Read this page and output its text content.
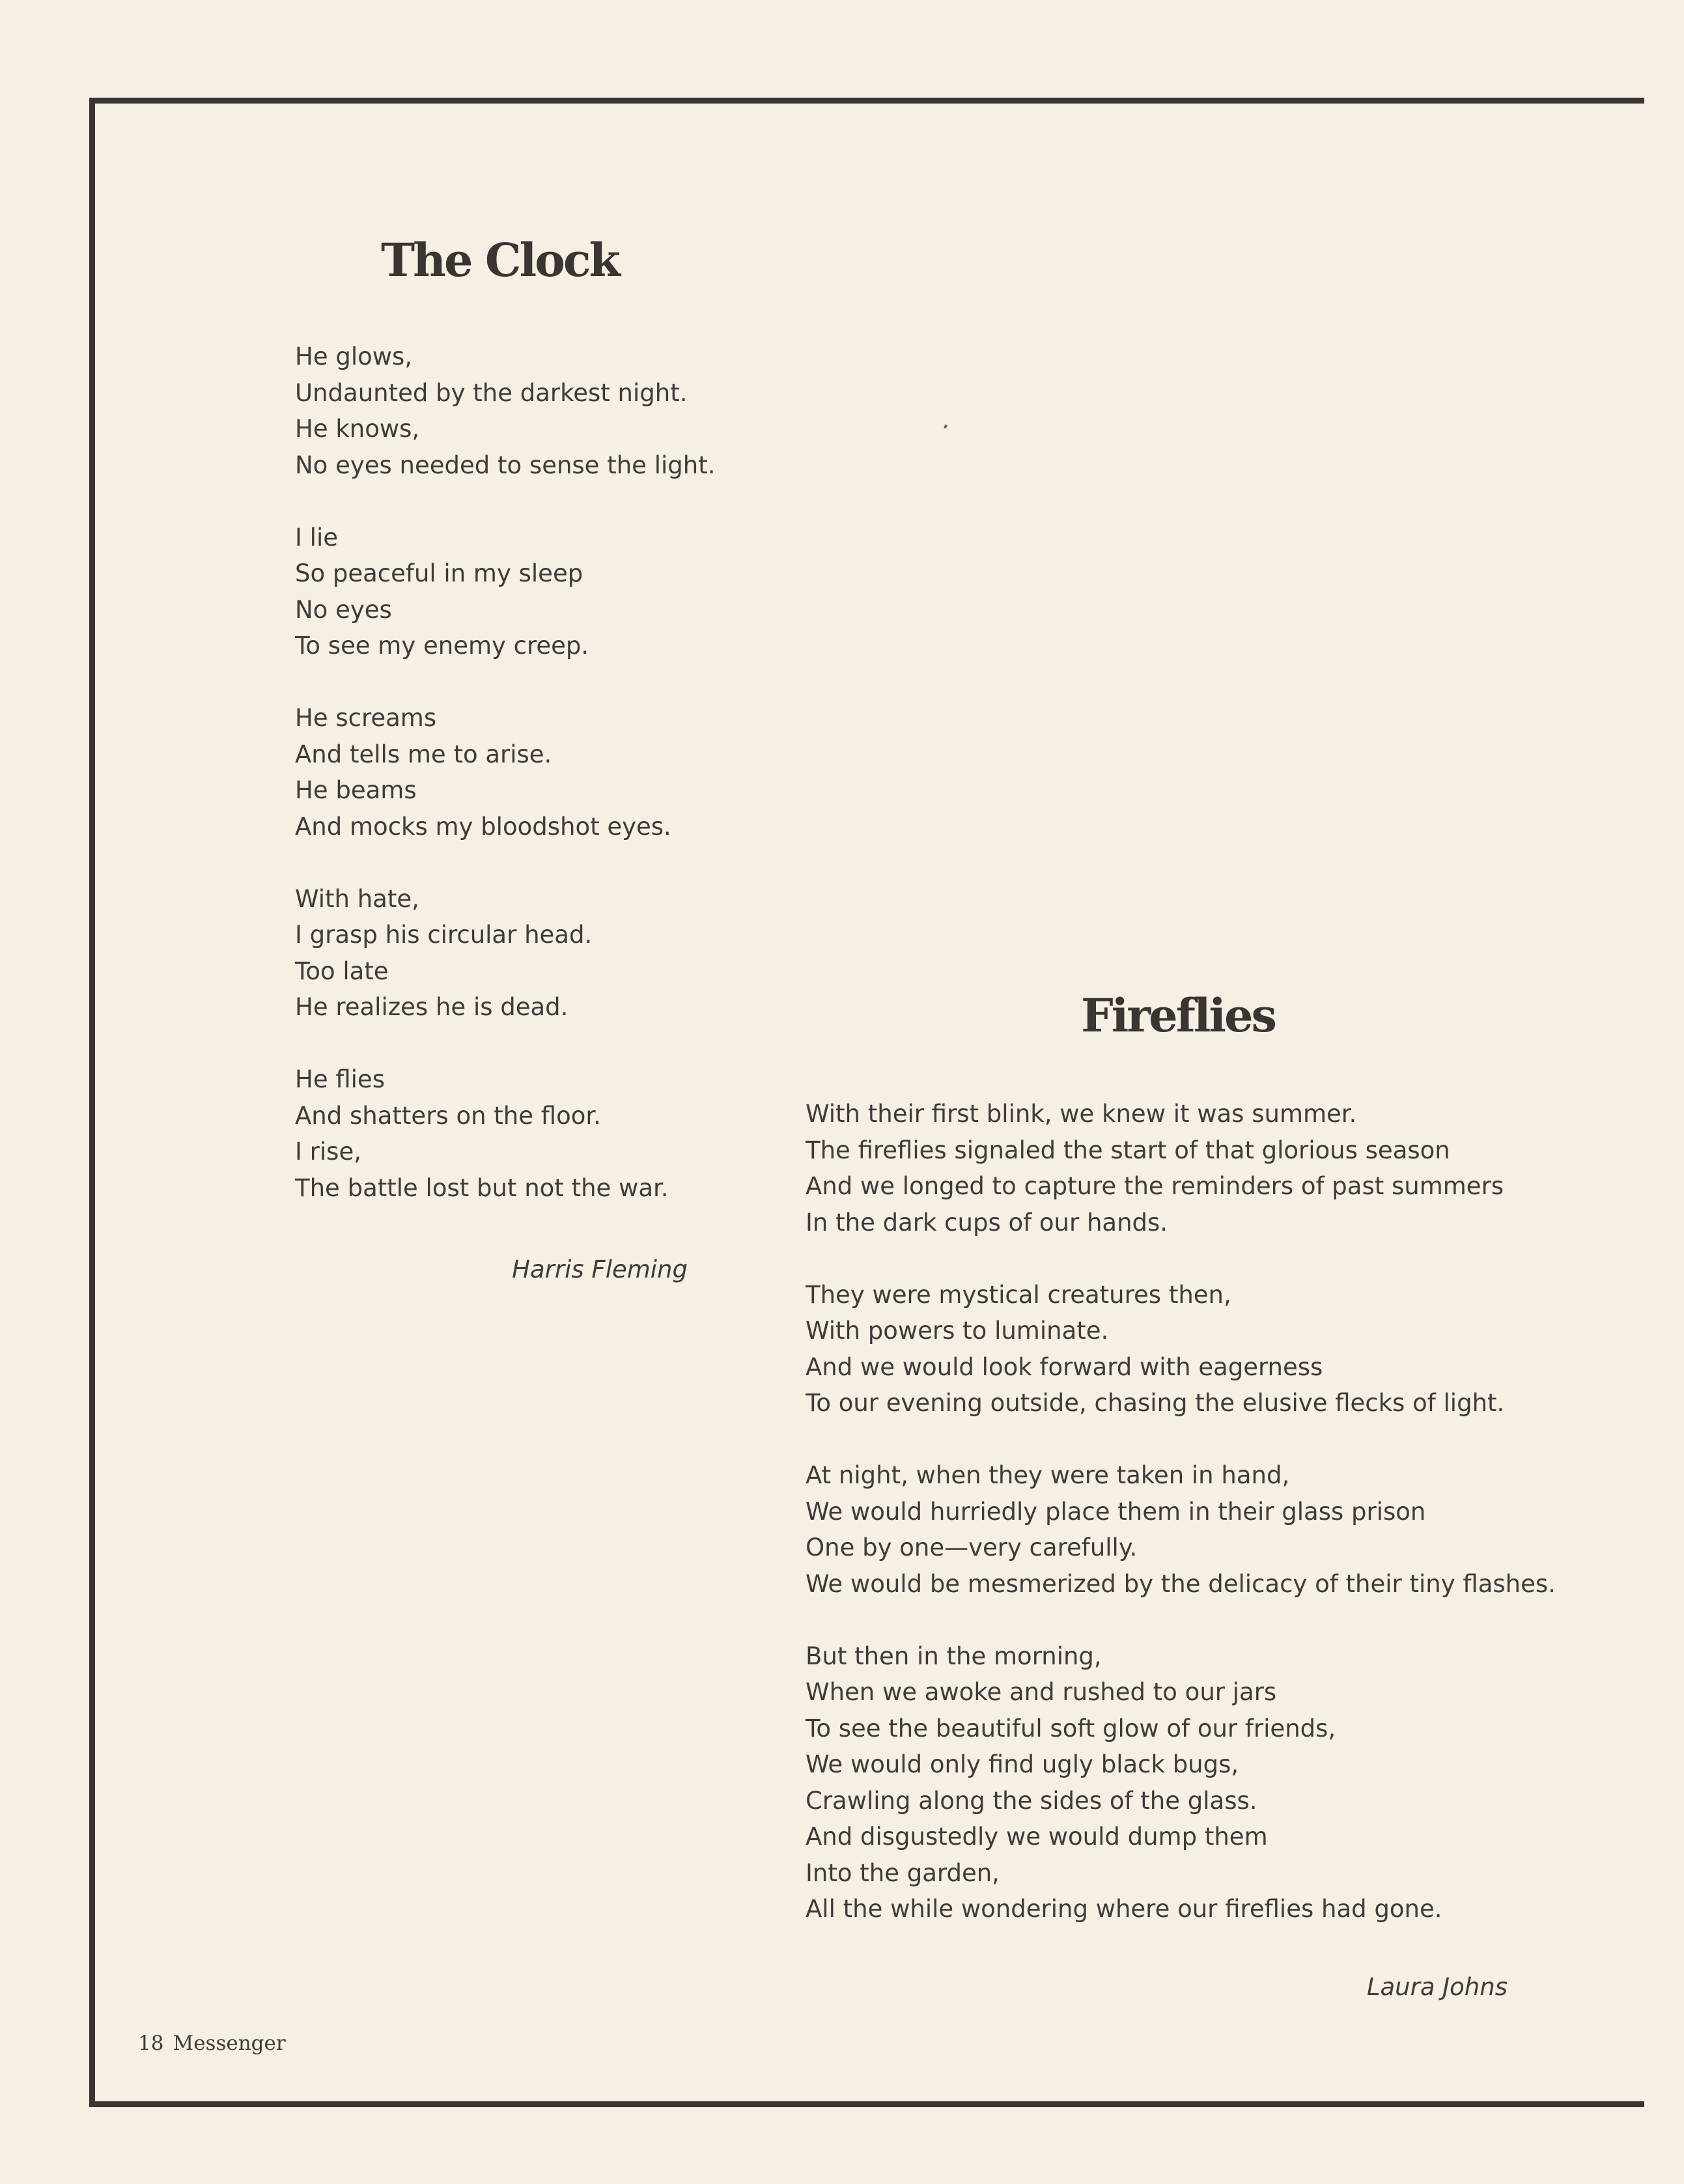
The Clock
He glows,
Undaunted by the darkest night.
He knows,
No eyes needed to sense the light.
I lie
So peaceful in my sleep
No eyes
To see my enemy creep.
He screams
And tells me to arise.
He beams
And mocks my bloodshot eyes.
With hate,
I grasp his circular head.
Too late
He realizes he is dead.
He flies
And shatters on the floor.
I rise,
The battle lost but not the war.
Harris Fleming
Fireflies
With their first blink, we knew it was summer.
The fireflies signaled the start of that glorious season
And we longed to capture the reminders of past summers
In the dark cups of our hands.
They were mystical creatures then,
With powers to luminate.
And we would look forward with eagerness
To our evening outside, chasing the elusive flecks of light.
At night, when they were taken in hand,
We would hurriedly place them in their glass prison
One by one—very carefully.
We would be mesmerized by the delicacy of their tiny flashes.
But then in the morning,
When we awoke and rushed to our jars
To see the beautiful soft glow of our friends,
We would only find ugly black bugs,
Crawling along the sides of the glass.
And disgustedly we would dump them
Into the garden,
All the while wondering where our fireflies had gone.
Laura Johns
18 Messenger
